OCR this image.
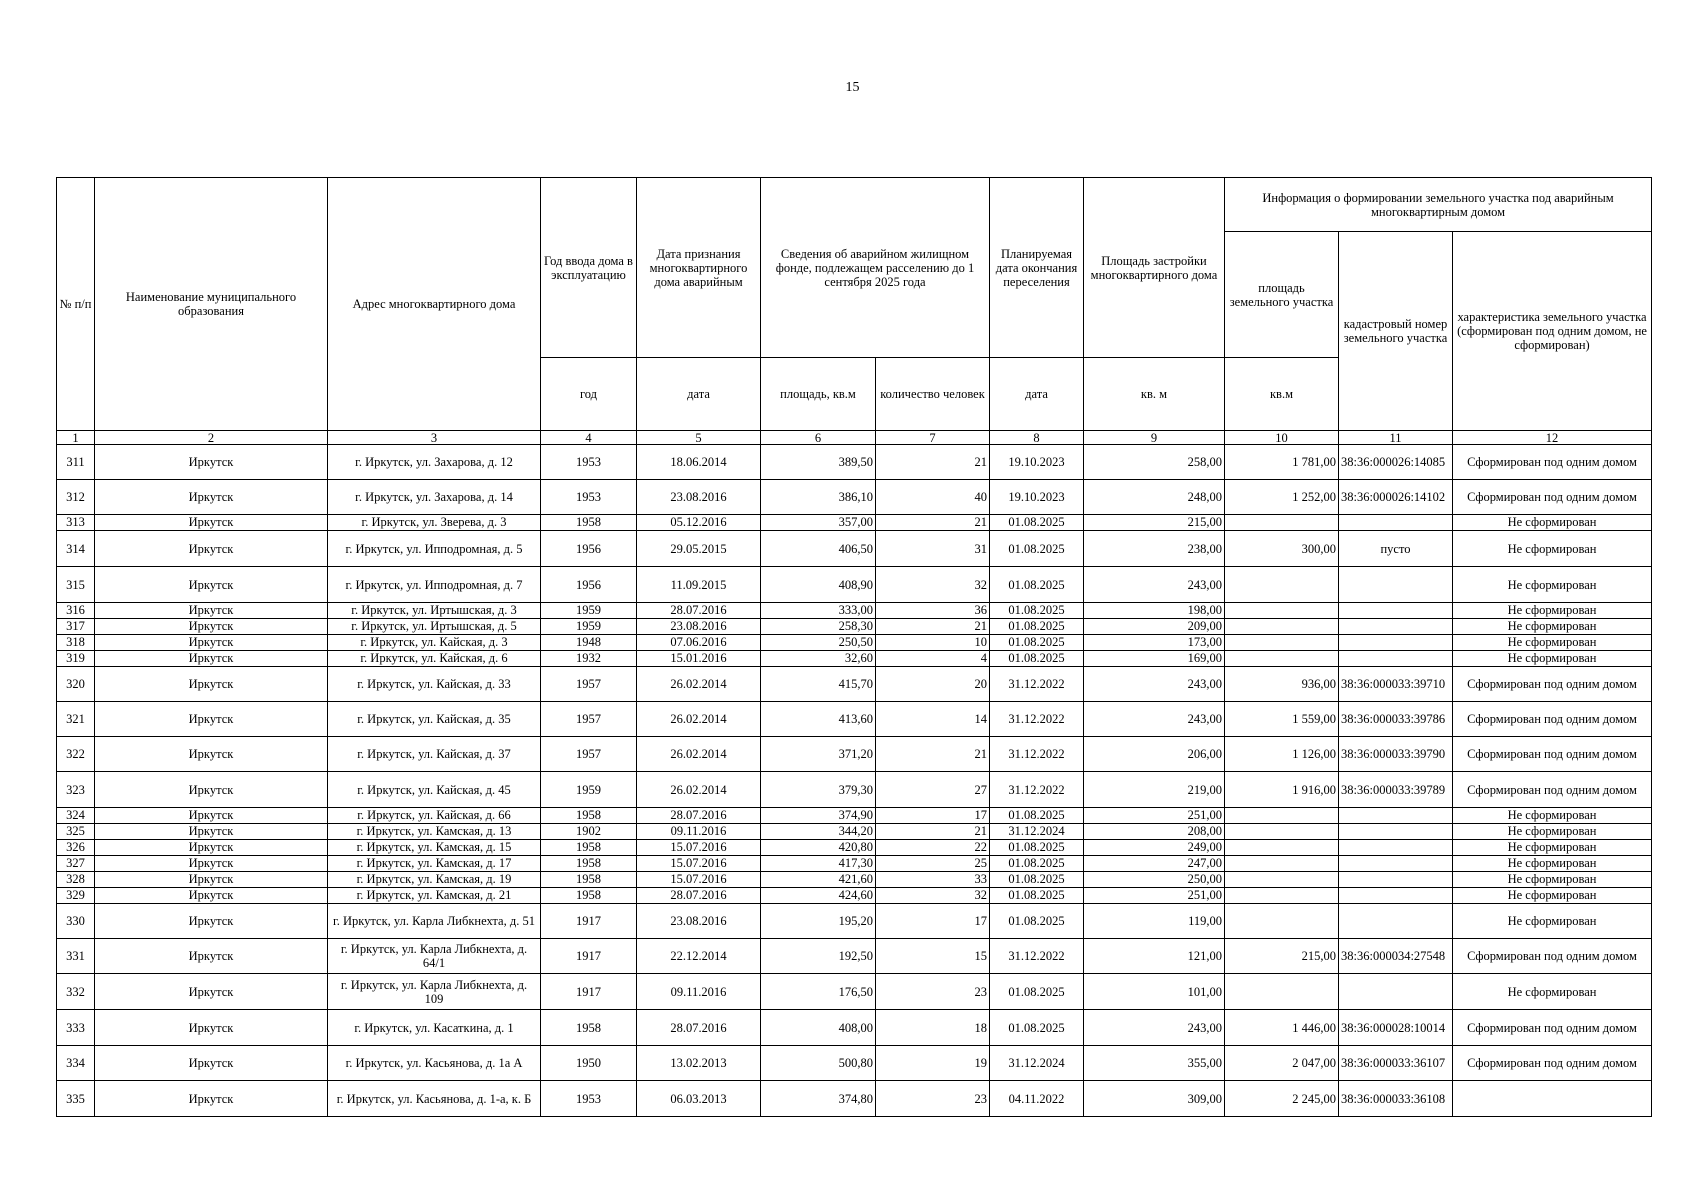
15
№ п/п	Наименование муниципального образования	Адрес многоквартирного дома	Год ввода дома в эксплуатацию	Дата признания многоквартирного дома аварийным	Сведения об аварийном жилищном фонде, подлежащем расселению до 1 сентября 2025 года		Планируемая дата окончания переселения	Площадь застройки многоквартирного дома	Информация о формировании земельного участка под аварийным многоквартирным домом		
									площадь земельного участка	кадастровый номер земельного участка	характеристика земельного участка (сформирован под одним домом, не сформирован)
			год	дата	площадь, кв.м	количество человек	дата	кв. м	кв.м		
1	2	3	4	5	6	7	8	9	10	11	12
311	Иркутск	г. Иркутск, ул. Захарова, д. 12	1953	18.06.2014	389,50	21	19.10.2023	258,00	1 781,00	38:36:000026:14085	Сформирован под одним домом
312	Иркутск	г. Иркутск, ул. Захарова, д. 14	1953	23.08.2016	386,10	40	19.10.2023	248,00	1 252,00	38:36:000026:14102	Сформирован под одним домом
313	Иркутск	г. Иркутск, ул. Зверева, д. 3	1958	05.12.2016	357,00	21	01.08.2025	215,00			Не сформирован
314	Иркутск	г. Иркутск, ул. Ипподромная, д. 5	1956	29.05.2015	406,50	31	01.08.2025	238,00	300,00	пусто	Не сформирован
315	Иркутск	г. Иркутск, ул. Ипподромная, д. 7	1956	11.09.2015	408,90	32	01.08.2025	243,00			Не сформирован
316	Иркутск	г. Иркутск, ул. Иртышская, д. 3	1959	28.07.2016	333,00	36	01.08.2025	198,00			Не сформирован
317	Иркутск	г. Иркутск, ул. Иртышская, д. 5	1959	23.08.2016	258,30	21	01.08.2025	209,00			Не сформирован
318	Иркутск	г. Иркутск, ул. Кайская, д. 3	1948	07.06.2016	250,50	10	01.08.2025	173,00			Не сформирован
319	Иркутск	г. Иркутск, ул. Кайская, д. 6	1932	15.01.2016	32,60	4	01.08.2025	169,00			Не сформирован
320	Иркутск	г. Иркутск, ул. Кайская, д. 33	1957	26.02.2014	415,70	20	31.12.2022	243,00	936,00	38:36:000033:39710	Сформирован под одним домом
321	Иркутск	г. Иркутск, ул. Кайская, д. 35	1957	26.02.2014	413,60	14	31.12.2022	243,00	1 559,00	38:36:000033:39786	Сформирован под одним домом
322	Иркутск	г. Иркутск, ул. Кайская, д. 37	1957	26.02.2014	371,20	21	31.12.2022	206,00	1 126,00	38:36:000033:39790	Сформирован под одним домом
323	Иркутск	г. Иркутск, ул. Кайская, д. 45	1959	26.02.2014	379,30	27	31.12.2022	219,00	1 916,00	38:36:000033:39789	Сформирован под одним домом
324	Иркутск	г. Иркутск, ул. Кайская, д. 66	1958	28.07.2016	374,90	17	01.08.2025	251,00			Не сформирован
325	Иркутск	г. Иркутск, ул. Камская, д. 13	1902	09.11.2016	344,20	21	31.12.2024	208,00			Не сформирован
326	Иркутск	г. Иркутск, ул. Камская, д. 15	1958	15.07.2016	420,80	22	01.08.2025	249,00			Не сформирован
327	Иркутск	г. Иркутск, ул. Камская, д. 17	1958	15.07.2016	417,30	25	01.08.2025	247,00			Не сформирован
328	Иркутск	г. Иркутск, ул. Камская, д. 19	1958	15.07.2016	421,60	33	01.08.2025	250,00			Не сформирован
329	Иркутск	г. Иркутск, ул. Камская, д. 21	1958	28.07.2016	424,60	32	01.08.2025	251,00			Не сформирован
330	Иркутск	г. Иркутск, ул. Карла Либкнехта, д. 51	1917	23.08.2016	195,20	17	01.08.2025	119,00			Не сформирован
331	Иркутск	г. Иркутск, ул. Карла Либкнехта, д. 64/1	1917	22.12.2014	192,50	15	31.12.2022	121,00	215,00	38:36:000034:27548	Сформирован под одним домом
332	Иркутск	г. Иркутск, ул. Карла Либкнехта, д. 109	1917	09.11.2016	176,50	23	01.08.2025	101,00			Не сформирован
333	Иркутск	г. Иркутск, ул. Касаткина, д. 1	1958	28.07.2016	408,00	18	01.08.2025	243,00	1 446,00	38:36:000028:10014	Сформирован под одним домом
334	Иркутск	г. Иркутск, ул. Касьянова, д. 1а А	1950	13.02.2013	500,80	19	31.12.2024	355,00	2 047,00	38:36:000033:36107	Сформирован под одним домом
335	Иркутск	г. Иркутск, ул. Касьянова, д. 1-а, к. Б	1953	06.03.2013	374,80	23	04.11.2022	309,00	2 245,00	38:36:000033:36108	
